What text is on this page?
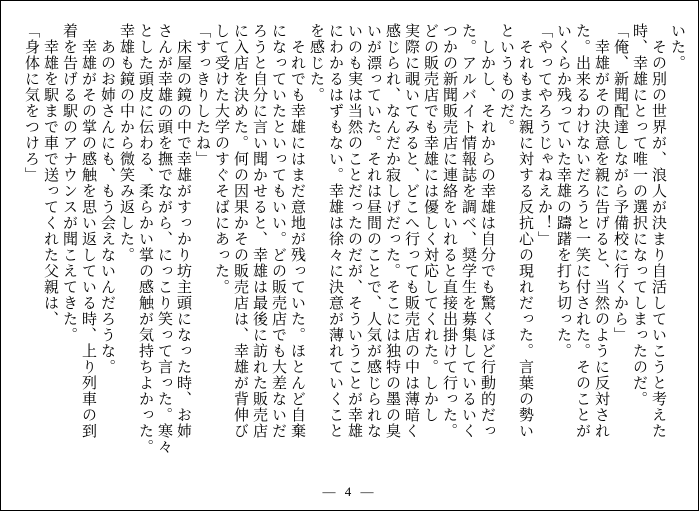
いた。
　その別の世界が、浪人が決まり自活していこうと考えた
時、幸雄にとって唯一の選択になってしまったのだ。
「俺、新聞配達しながら予備校に行くから」
　幸雄がその決意を親に告げると、当然のように反対され
た。出来るわけないだろうと一笑に付された。そのことが
いくらか残っていた幸雄の躊躇を打ち切った。
「やってやろうじゃねえか！」
　それもまた親に対する反抗心の現れだった。言葉の勢い
というものだ。
　しかし、それからの幸雄は自分でも驚くほど行動的だっ
た。アルバイト情報誌を調べ、奨学生を募集しているいく
つかの新聞販売店に連絡をいれると直接出掛けて行った。
どの販売店でも幸雄には優しく対応してくれた。しかし
実際に覗いてみると、どこへ行っても販売店の中は薄暗く
感じられ、なんだか寂しげだった。そこには独特の墨の臭
いが漂っていた。それは昼間のことで、人気が感じられな
いのも実は当然のことだったのだが、そういうことが幸雄
にわかるはずもない。幸雄は徐々に決意が薄れていくこと
を感じた。
　それでも幸雄にはまだ意地が残っていた。ほとんど自棄
になっていたといってもいい。どの販売店でも大差ないだ
ろうと自分に言い聞かせると、幸雄は最後に訪れた販売店
に入店を決めた。何の因果かその販売店は、幸雄が背伸び
して受けた大学のすぐそばにあった。
「すっきりしたね」
　床屋の鏡の中で幸雄がすっかり坊主頭になった時、お姉
さんが幸雄の頭を撫でながら、にっこり笑って言った。寒々
とした頭皮に伝わる、柔らかい掌の感触が気持ちよかった。
幸雄も鏡の中から微笑み返した。
　あのお姉さんにも、もう会えないんだろうな。
　幸雄がその掌の感触を思い返している時、上り列車の到
着を告げる駅のアナウンスが聞こえてきた。
　幸雄を駅まで車で送ってくれた父親は、
「身体に気をつけろ」
— 4 —
